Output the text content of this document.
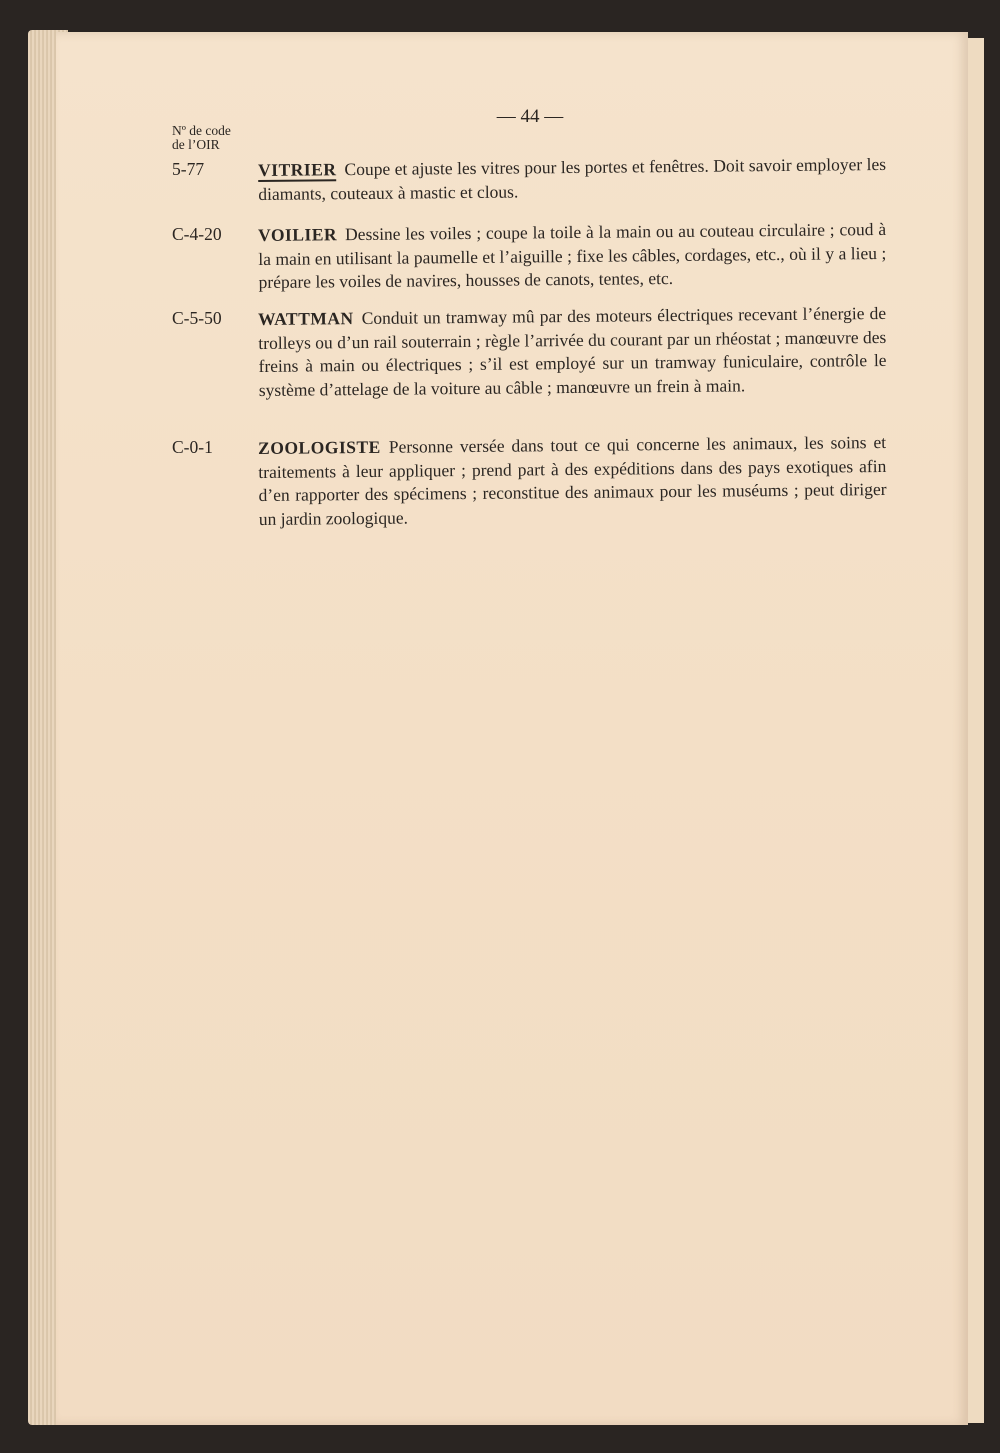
— 44 —
Nº de code
de l’OIR
5-77	VITRIER Coupe et ajuste les vitres pour les portes et fenêtres. Doit savoir employer les diamants, couteaux à mastic et clous.
C-4-20	VOILIER Dessine les voiles ; coupe la toile à la main ou au couteau circulaire ; coud à la main en utilisant la paumelle et l’aiguille ; fixe les câbles, cordages, etc., où il y a lieu ; prépare les voiles de navires, housses de canots, tentes, etc.
C-5-50	WATTMAN Conduit un tramway mû par des moteurs électriques recevant l’énergie de trolleys ou d’un rail souterrain ; règle l’arrivée du courant par un rhéostat ; manœuvre des freins à main ou électriques ; s’il est employé sur un tramway funiculaire, contrôle le système d’attelage de la voiture au câble ; manœuvre un frein à main.
C-0-1	ZOOLOGISTE Personne versée dans tout ce qui concerne les animaux, les soins et traitements à leur appliquer ; prend part à des expéditions dans des pays exotiques afin d’en rapporter des spécimens ; reconstitue des animaux pour les muséums ; peut diriger un jardin zoologique.
